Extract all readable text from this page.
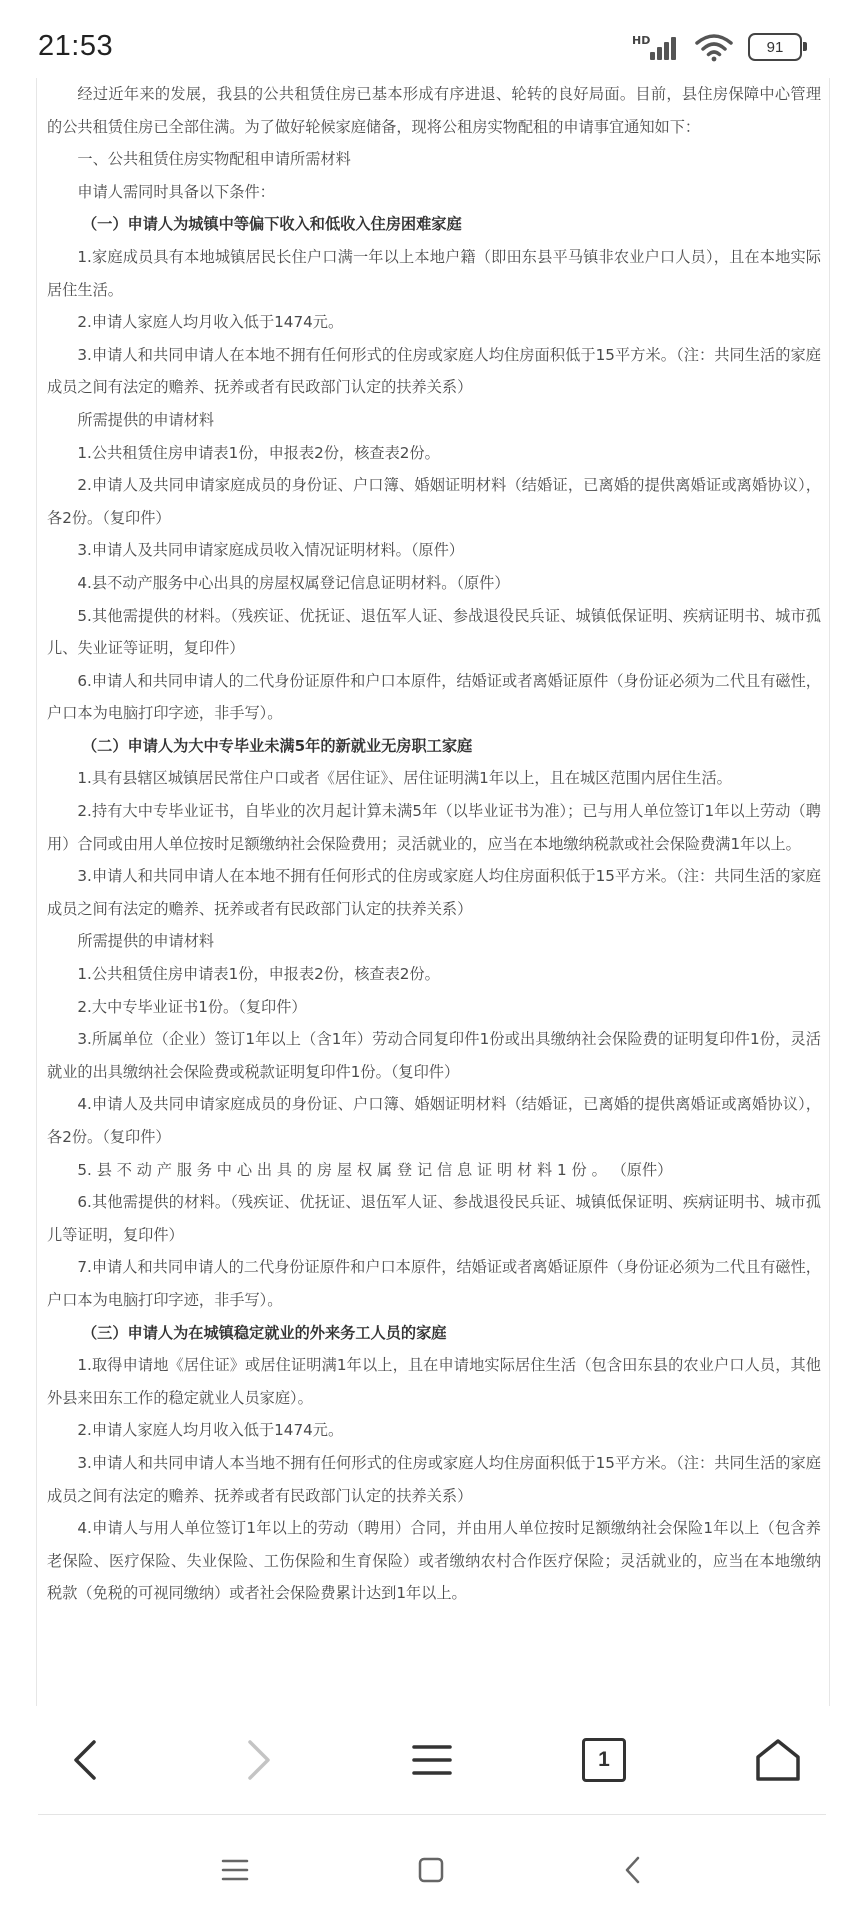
21:53	HD	91

经过近年来的发展，我县的公共租赁住房已基本形成有序进退、轮转的良好局面。目前，县住房保障中心管理的公共租赁住房已全部住满。为了做好轮候家庭储备，现将公租房实物配租的申请事宜通知如下：

一、公共租赁住房实物配租申请所需材料

申请人需同时具备以下条件：

（一）申请人为城镇中等偏下收入和低收入住房困难家庭

1.家庭成员具有本地城镇居民长住户口满一年以上本地户籍（即田东县平马镇非农业户口人员），且在本地实际居住生活。

2.申请人家庭人均月收入低于1474元。

3.申请人和共同申请人在本地不拥有任何形式的住房或家庭人均住房面积低于15平方米。（注：共同生活的家庭成员之间有法定的赡养、抚养或者有民政部门认定的扶养关系）

所需提供的申请材料

1.公共租赁住房申请表1份，申报表2份，核查表2份。

2.申请人及共同申请家庭成员的身份证、户口簿、婚姻证明材料（结婚证，已离婚的提供离婚证或离婚协议），各2份。（复印件）

3.申请人及共同申请家庭成员收入情况证明材料。（原件）

4.县不动产服务中心出具的房屋权属登记信息证明材料。（原件）

5.其他需提供的材料。（残疾证、优抚证、退伍军人证、参战退役民兵证、城镇低保证明、疾病证明书、城市孤儿、失业证等证明，复印件）

6.申请人和共同申请人的二代身份证原件和户口本原件，结婚证或者离婚证原件（身份证必须为二代且有磁性，户口本为电脑打印字迹，非手写）。

（二）申请人为大中专毕业未满5年的新就业无房职工家庭

1.具有县辖区城镇居民常住户口或者《居住证》、居住证明满1年以上，且在城区范围内居住生活。

2.持有大中专毕业证书，自毕业的次月起计算未满5年（以毕业证书为准）；已与用人单位签订1年以上劳动（聘用）合同或由用人单位按时足额缴纳社会保险费用；灵活就业的，应当在本地缴纳税款或社会保险费满1年以上。

3.申请人和共同申请人在本地不拥有任何形式的住房或家庭人均住房面积低于15平方米。（注：共同生活的家庭成员之间有法定的赡养、抚养或者有民政部门认定的扶养关系）

所需提供的申请材料

1.公共租赁住房申请表1份，申报表2份，核查表2份。

2.大中专毕业证书1份。（复印件）

3.所属单位（企业）签订1年以上（含1年）劳动合同复印件1份或出具缴纳社会保险费的证明复印件1份，灵活就业的出具缴纳社会保险费或税款证明复印件1份。（复印件）

4.申请人及共同申请家庭成员的身份证、户口簿、婚姻证明材料（结婚证，已离婚的提供离婚证或离婚协议），各2份。（复印件）

5. 县 不 动 产 服 务 中 心 出 具 的 房 屋 权 属 登 记 信 息 证 明 材 料 1 份 。 （原件）

6.其他需提供的材料。（残疾证、优抚证、退伍军人证、参战退役民兵证、城镇低保证明、疾病证明书、城市孤儿等证明，复印件）

7.申请人和共同申请人的二代身份证原件和户口本原件，结婚证或者离婚证原件（身份证必须为二代且有磁性，户口本为电脑打印字迹，非手写）。

（三）申请人为在城镇稳定就业的外来务工人员的家庭

1.取得申请地《居住证》或居住证明满1年以上，且在申请地实际居住生活（包含田东县的农业户口人员，其他外县来田东工作的稳定就业人员家庭）。

2.申请人家庭人均月收入低于1474元。

3.申请人和共同申请人本当地不拥有任何形式的住房或家庭人均住房面积低于15平方米。（注：共同生活的家庭成员之间有法定的赡养、抚养或者有民政部门认定的扶养关系）

4.申请人与用人单位签订1年以上的劳动（聘用）合同，并由用人单位按时足额缴纳社会保险1年以上（包含养老保险、医疗保险、失业保险、工伤保险和生育保险）或者缴纳农村合作医疗保险；灵活就业的，应当在本地缴纳税款（免税的可视同缴纳）或者社会保险费累计达到1年以上。

1
